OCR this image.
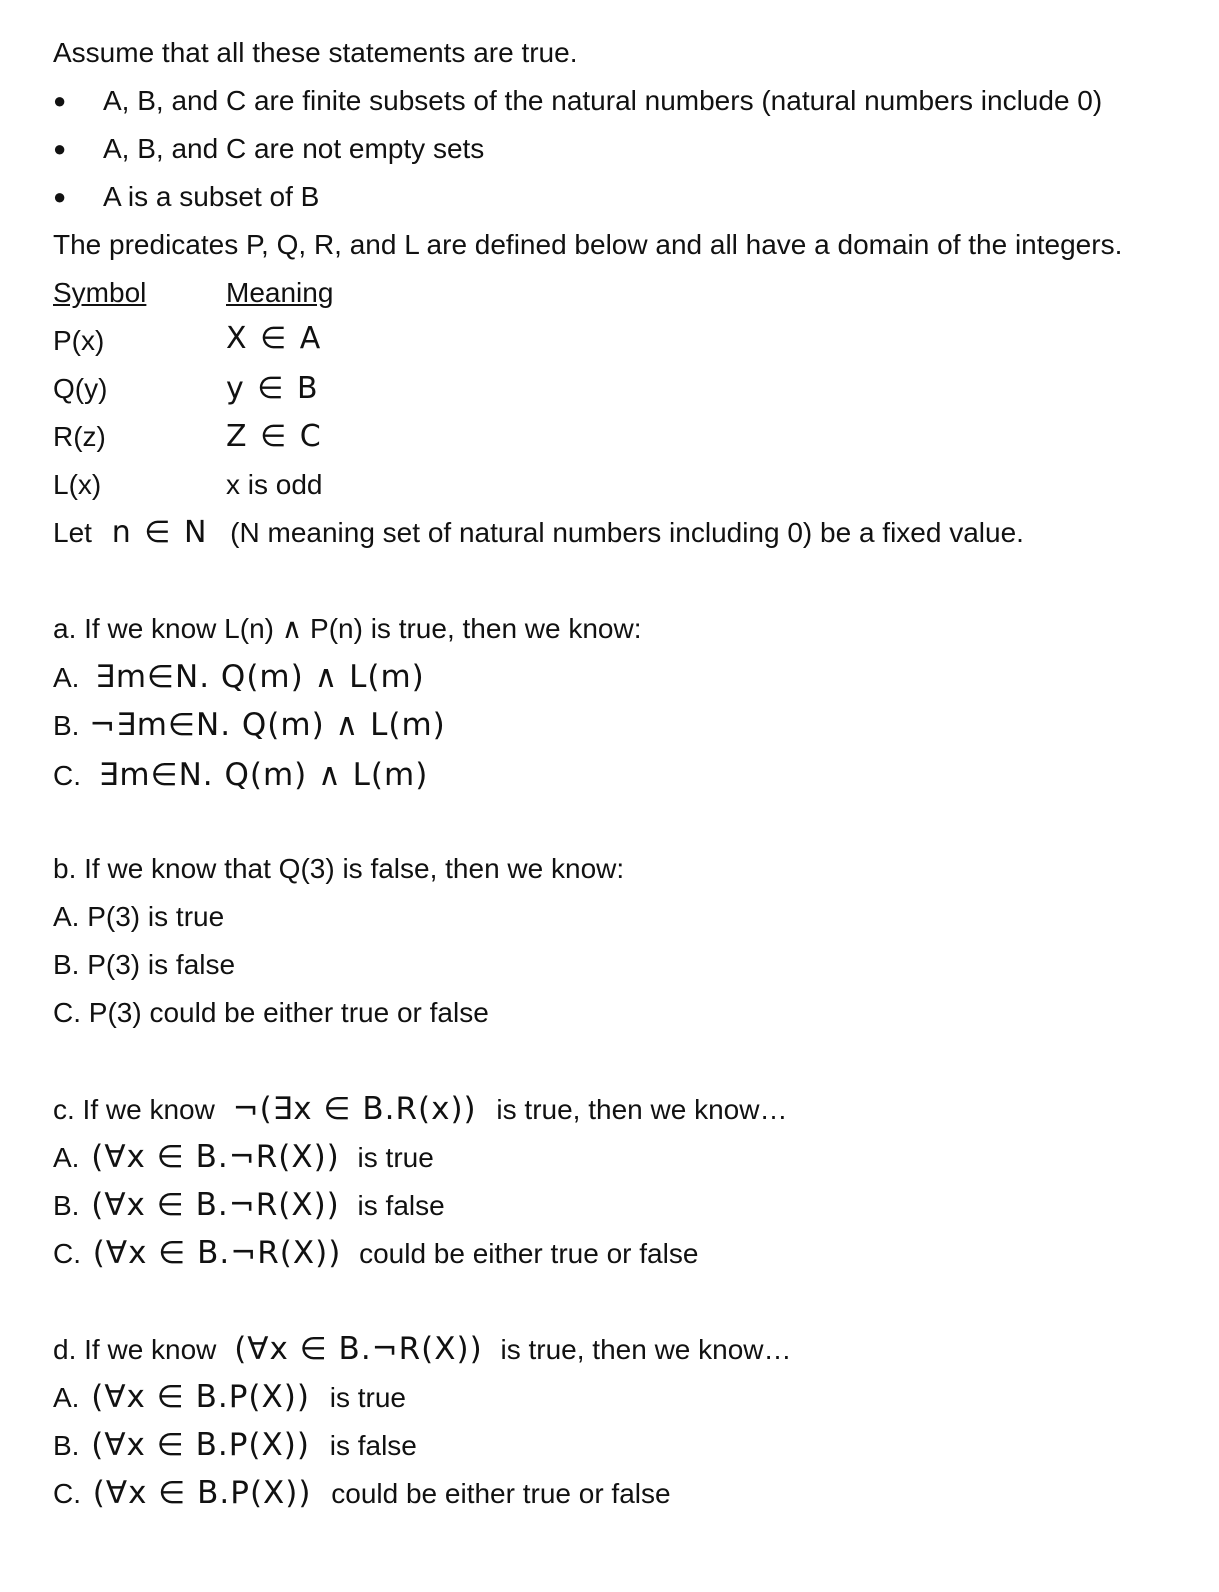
Assume that all these statements are true.
● A, B, and C are finite subsets of the natural numbers (natural numbers include 0)
● A, B, and C are not empty sets
● A is a subset of B
The predicates P, Q, R, and L are defined below and all have a domain of the integers.
Symbol	Meaning
P(x)	X ∈ A
Q(y)	y ∈ B
R(z)	Z ∈ C
L(x)	x is odd
Let n ∈ N (N meaning set of natural numbers including 0) be a fixed value.
a. If we know L(n) ∧ P(n) is true, then we know:
A. ∃m∈N. Q(m) ∧ L(m)
B. ¬∃m∈N. Q(m) ∧ L(m)
C. ∃m∈N. Q(m) ∧ L(m)
b. If we know that Q(3) is false, then we know:
A. P(3) is true
B. P(3) is false
C. P(3) could be either true or false
c. If we know ¬(∃x ∈ B.R(x)) is true, then we know…
A. (∀x ∈ B.¬R(X)) is true
B. (∀x ∈ B.¬R(X)) is false
C. (∀x ∈ B.¬R(X)) could be either true or false
d. If we know (∀x ∈ B.¬R(X)) is true, then we know…
A. (∀x ∈ B.P(X)) is true
B. (∀x ∈ B.P(X)) is false
C. (∀x ∈ B.P(X)) could be either true or false
